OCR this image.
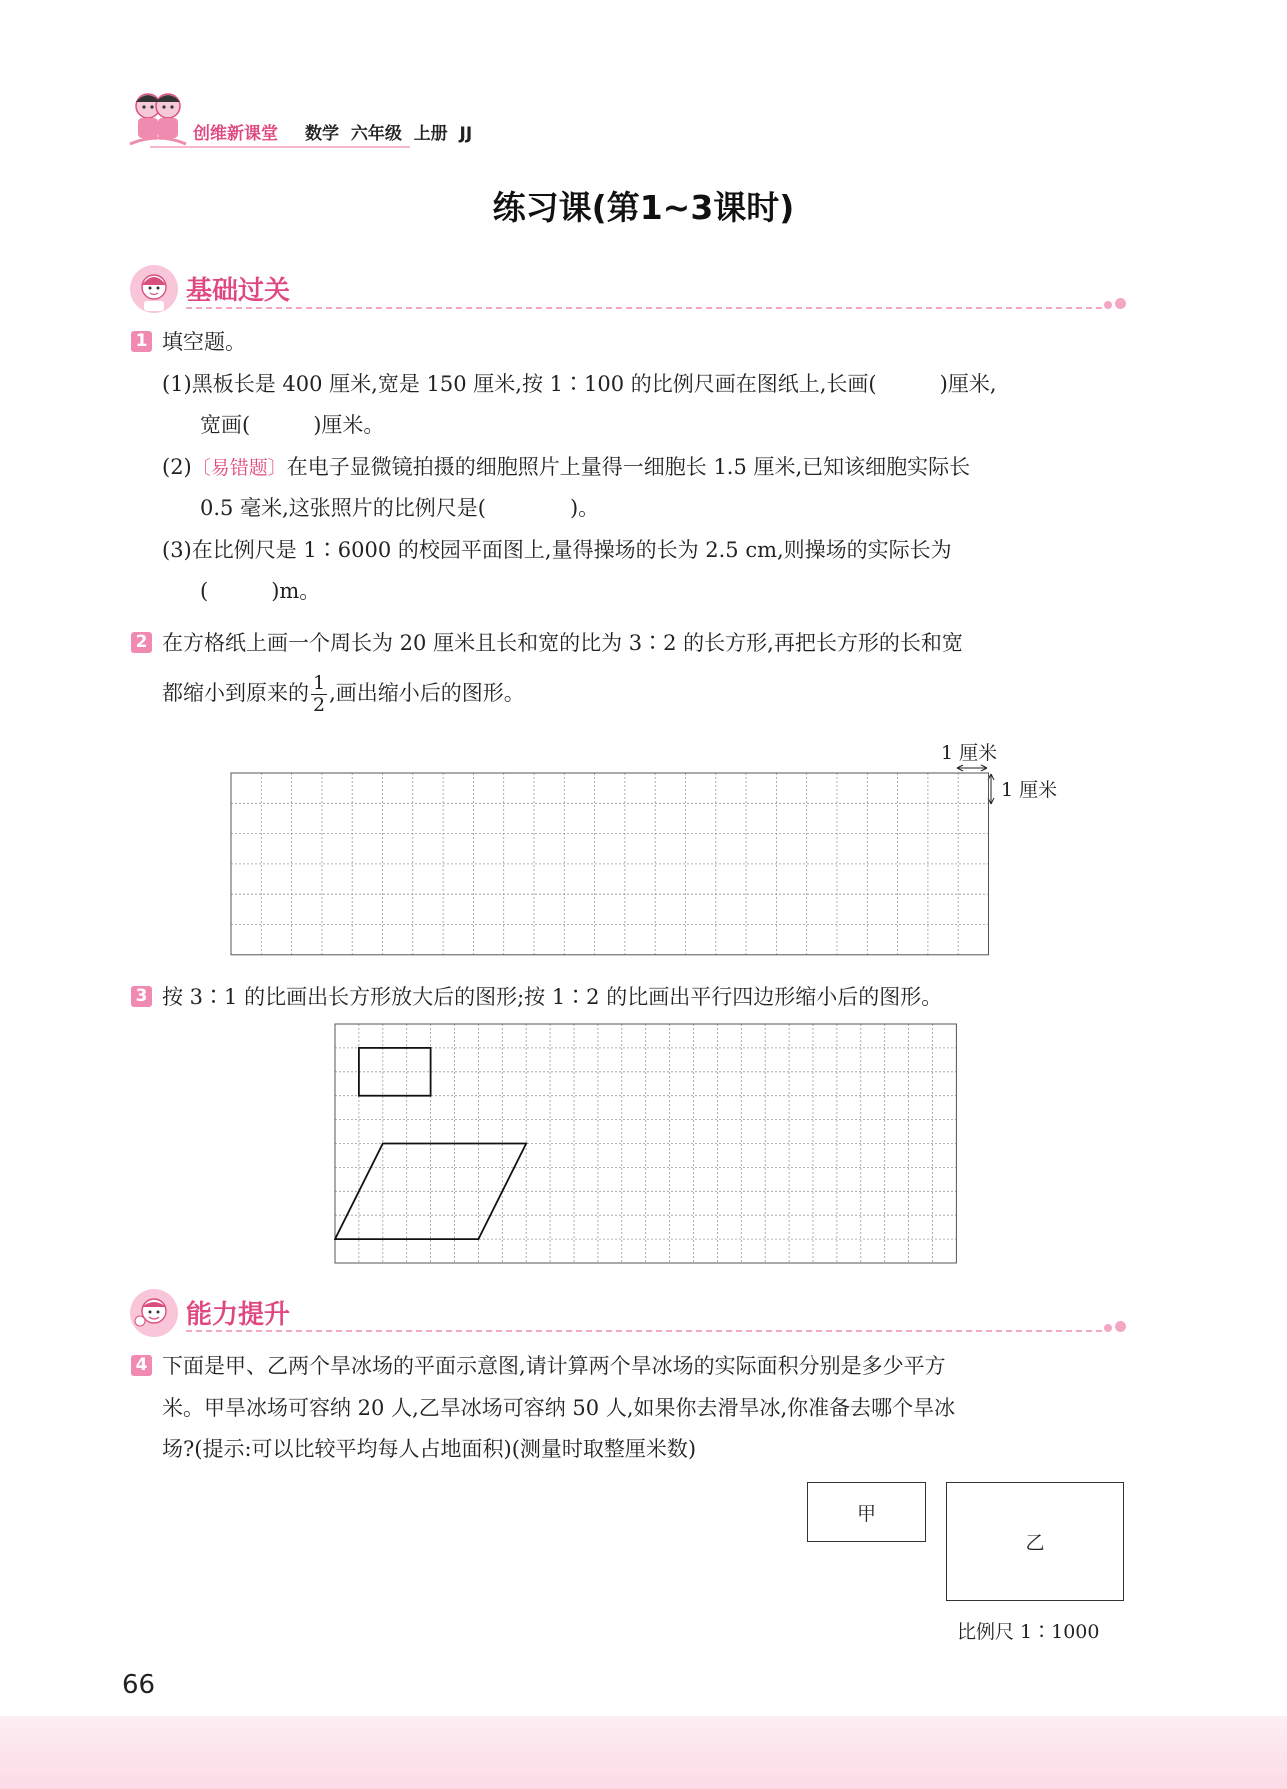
创维新课堂 数学 六年级 上册 JJ
练习课(第1~3课时)
基础过关
1 填空题。
(1)黑板长是 400 厘米,宽是 150 厘米,按 1∶100 的比例尺画在图纸上,长画(　　　)厘米,
宽画(　　　)厘米。
(2)〔易错题〕在电子显微镜拍摄的细胞照片上量得一细胞长 1.5 厘米,已知该细胞实际长
0.5 毫米,这张照片的比例尺是(　　　　)。
(3)在比例尺是 1∶6000 的校园平面图上,量得操场的长为 2.5 cm,则操场的实际长为
(　　　)m。
2 在方格纸上画一个周长为 20 厘米且长和宽的比为 3∶2 的长方形,再把长方形的长和宽
都缩小到原来的 $\frac{1}{2}$ ,画出缩小后的图形。
1 厘米
1 厘米
3 按 3∶1 的比画出长方形放大后的图形;按 1∶2 的比画出平行四边形缩小后的图形。
能力提升
4 下面是甲、乙两个旱冰场的平面示意图,请计算两个旱冰场的实际面积分别是多少平方
米。甲旱冰场可容纳 20 人,乙旱冰场可容纳 50 人,如果你去滑旱冰,你准备去哪个旱冰
场?(提示:可以比较平均每人占地面积)(测量时取整厘米数)
甲
乙
比例尺 1∶1000
66
